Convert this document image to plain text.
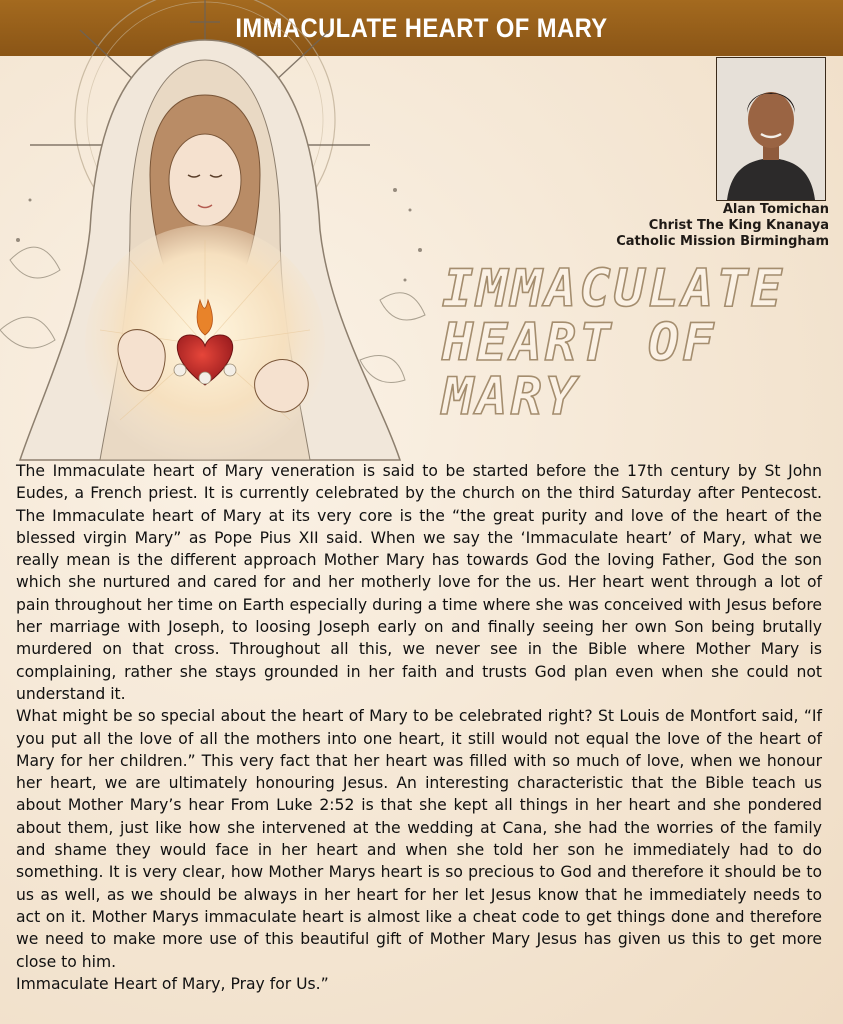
IMMACULATE HEART OF MARY
Alan Tomichan
Christ The King Knanaya
Catholic Mission Birmingham
IMMACULATE
HEART OF
MARY

The Immaculate heart of Mary veneration is said to be started before the 17th century by St John Eudes, a French priest. It is currently celebrated by the church on the third Saturday after Pentecost. The Immaculate heart of Mary at its very core is the “the great purity and love of the heart of the blessed virgin Mary” as Pope Pius XII said. When we say the ‘Immaculate heart’ of Mary, what we really mean is the different approach Mother Mary has towards God the loving Father, God the son which she nurtured and cared for and her motherly love for the us. Her heart went through a lot of pain throughout her time on Earth especially during a time where she was conceived with Jesus before her marriage with Joseph, to loosing Joseph early on and finally seeing her own Son being brutally murdered on that cross. Throughout all this, we never see in the Bible where Mother Mary is complaining, rather she stays grounded in her faith and trusts God plan even when she could not understand it.

What might be so special about the heart of Mary to be celebrated right? St Louis de Montfort said, “If you put all the love of all the mothers into one heart, it still would not equal the love of the heart of Mary for her children.” This very fact that her heart was filled with so much of love, when we honour her heart, we are ultimately honouring Jesus. An interesting characteristic that the Bible teach us about Mother Mary’s hear From Luke 2:52 is that she kept all things in her heart and she pondered about them, just like how she intervened at the wedding at Cana, she had the worries of the family and shame they would face in her heart and when she told her son he immediately had to do something. It is very clear, how Mother Marys heart is so precious to God and therefore it should be to us as well, as we should be always in her heart for her let Jesus know that he immediately needs to act on it. Mother Marys immaculate heart is almost like a cheat code to get things done and therefore we need to make more use of this beautiful gift of Mother Mary Jesus has given us this to get more close to him.

Immaculate Heart of Mary, Pray for Us.”
